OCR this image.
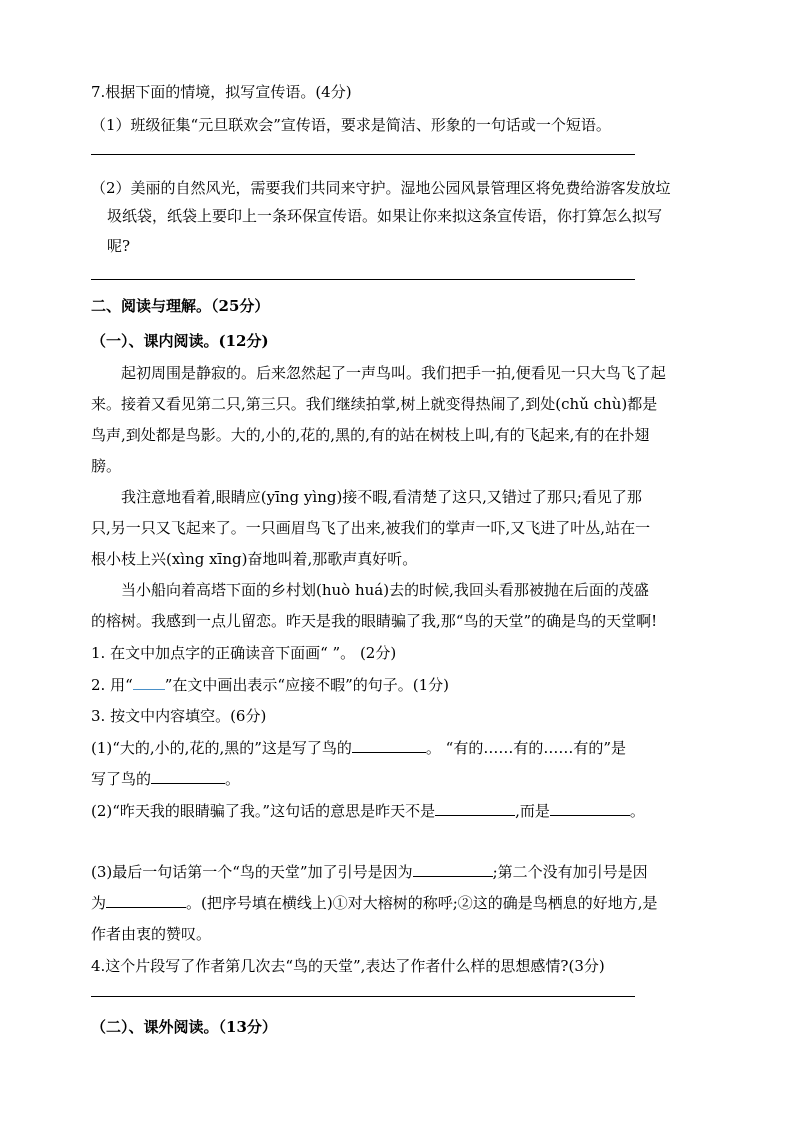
7.根据下面的情境，拟写宣传语。(4分)
（1）班级征集“元旦联欢会”宣传语，要求是简洁、形象的一句话或一个短语。
（2）美丽的自然风光，需要我们共同来守护。湿地公园风景管理区将免费给游客发放垃
圾纸袋，纸袋上要印上一条环保宣传语。如果让你来拟这条宣传语，你打算怎么拟写
呢?
二、阅读与理解。（25分）
（一）、课内阅读。(12分)
起初周围是静寂的。后来忽然起了一声鸟叫。我们把手一拍,便看见一只大鸟飞了起
来。接着又看见第二只,第三只。我们继续拍掌,树上就变得热闹了,到处(chǔ chù)都是
鸟声,到处都是鸟影。大的,小的,花的,黑的,有的站在树枝上叫,有的飞起来,有的在扑翅
膀。
我注意地看着,眼睛应(yīng yìng)接不暇,看清楚了这只,又错过了那只;看见了那
只,另一只又飞起来了。一只画眉鸟飞了出来,被我们的掌声一吓,又飞进了叶丛,站在一
根小枝上兴(xìng xīng)奋地叫着,那歌声真好听。
当小船向着高塔下面的乡村划(huò huá)去的时候,我回头看那被抛在后面的茂盛
的榕树。我感到一点儿留恋。昨天是我的眼睛骗了我,那“鸟的天堂”的确是鸟的天堂啊!
1. 在文中加点字的正确读音下面画“ ”。 (2分)
2. 用“ ”在文中画出表示“应接不暇”的句子。(1分)
3. 按文中内容填空。(6分)
(1)“大的,小的,花的,黑的”这是写了鸟的	。 “有的……有的……有的”是
写了鸟的	。
(2)“昨天我的眼睛骗了我。”这句话的意思是昨天不是	,而是	。
(3)最后一句话第一个“鸟的天堂”加了引号是因为	;第二个没有加引号是因
为	。(把序号填在横线上)①对大榕树的称呼;②这的确是鸟栖息的好地方,是
作者由衷的赞叹。
4.这个片段写了作者第几次去“鸟的天堂”,表达了作者什么样的思想感情?(3分)
（二）、课外阅读。（13分）
